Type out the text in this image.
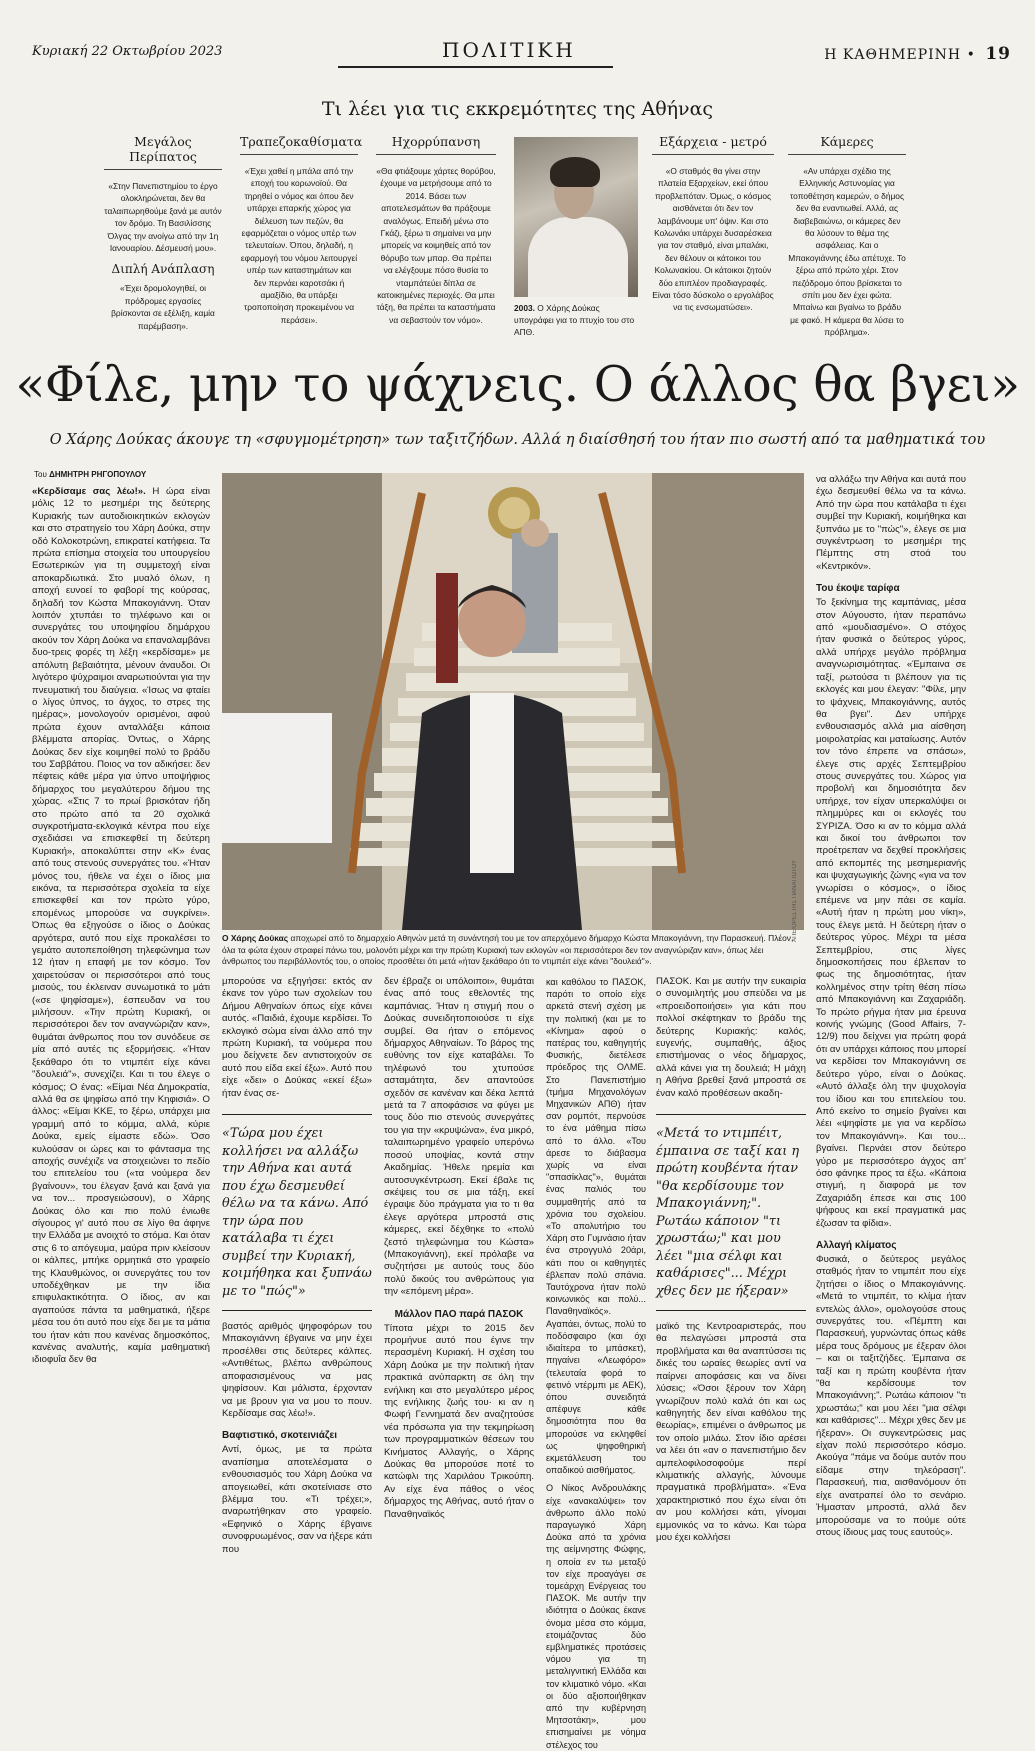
Κυριακή 22 Οκτωβρίου 2023	ΠΟΛΙΤΙΚΗ	Η ΚΑΘΗΜΕΡΙΝΗ • 19
Τι λέει για τις εκκρεμότητες της Αθήνας
Μεγάλος Περίπατος
«Στην Πανεπιστημίου το έργο ολοκληρώνεται, δεν θα ταλαιπωρηθούμε ξανά με αυτόν τον δρόμο. Τη Βασιλίσσης Όλγας την ανοίγω από την 1η Ιανουαρίου. Δέσμευσή μου».
Διπλή Ανάπλαση
«Έχει δρομολογηθεί, οι πρόδρομες εργασίες βρίσκονται σε εξέλιξη, καμία παρέμβαση».
Τραπεζοκαθίσματα
«Έχει χαθεί η μπάλα από την εποχή του κορωνοϊού. Θα τηρηθεί ο νόμος και όπου δεν υπάρχει επαρκής χώρος για διέλευση των πεζών, θα εφαρμόζεται ο νόμος υπέρ των τελευταίων. Όπου, δηλαδή, η εφαρμογή του νόμου λειτουργεί υπέρ των καταστημάτων και δεν περνάει καροτσάκι ή αμαξίδιο, θα υπάρξει τροποποίηση προκειμένου να περάσει».
Ηχορρύπανση
«Θα φτιάξουμε χάρτες θορύβου, έχουμε να μετρήσουμε από το 2014. Βάσει των αποτελεσμάτων θα πράξουμε αναλόγως. Επειδή μένω στο Γκάζι, ξέρω τι σημαίνει να μην μπορείς να κοιμηθείς από τον θόρυβο των μπαρ. Θα πρέπει να ελέγξουμε πόσο θυσία το νταμπάτεύει δίπλα σε κατοικημένες περιοχές. Θα μπει τάξη, θα πρέπει τα καταστήματα να σεβαστούν τον νόμο».
2003. Ο Χάρης Δούκας υπογράφει για το πτυχίο του στο ΑΠΘ.
Εξάρχεια - μετρό
«Ο σταθμός θα γίνει στην πλατεία Εξαρχείων, εκεί όπου προβλεπόταν. Όμως, ο κόσμος αισθάνεται ότι δεν τον λαμβάνουμε υπ' όψιν. Και στο Κολωνάκι υπάρχει δυσαρέσκεια για τον σταθμό, είναι μπαλάκι, δεν θέλουν οι κάτοικοι του Κολωνακίου. Οι κάτοικοι ζητούν δύο επιπλέον προδιαγραφές. Είναι τόσο δύσκολο ο εργολάβος να τις ενσωματώσει».
Κάμερες
«Αν υπάρχει σχέδιο της Ελληνικής Αστυνομίας για τοποθέτηση καμερών, ο δήμος δεν θα εναντιωθεί. Αλλά, ας διαβεβαιώνω, οι κάμερες δεν θα λύσουν το θέμα της ασφάλειας. Και ο Μπακογιάννης έδω απέτυχε. Το ξέρω από πρώτο χέρι. Στον πεζόδρομο όπου βρίσκεται το σπίτι μου δεν έχει φώτα. Μπαίνω και βγαίνω το βράδυ με φακό. Η κάμερα θα λύσει το πρόβλημα».
«Φίλε, μην το ψάχνεις. Ο άλλος θα βγει»
Ο Χάρης Δούκας άκουγε τη «σφυγμομέτρηση» των ταξιτζήδων. Αλλά η διαίσθησή του ήταν πιο σωστή από τα μαθηματικά του
Του ΔΗΜΗΤΡΗ ΡΗΓΟΠΟΥΛΟΥ
«Κερδίσαμε σας λέω!». Η ώρα είναι μόλις 12 το μεσημέρι της δεύτερης Κυριακής των αυτοδιοικητικών εκλογών και στο στρατηγείο του Χάρη Δούκα, στην οδό Κολοκοτρώνη, επικρατεί κατήφεια. Τα πρώτα επίσημα στοιχεία του υπουργείου Εσωτερικών για τη συμμετοχή είναι αποκαρδιωτικά. Στο μυαλό όλων, η αποχή ευνοεί το φαβορί της κούρσας, δηλαδή τον Κώστα Μπακογιάννη. Όταν λοιπόν χτυπάει το τηλέφωνο και οι συνεργάτες του υποψηφίου δημάρχου ακούν τον Χάρη Δούκα να επαναλαμβάνει δυο-τρεις φορές τη λέξη «κερδίσαμε» με απόλυτη βεβαιότητα, μένουν άναυδοι. Οι λιγότερο ψύχραιμοι αναρωτιούνται για την πνευματική του διαύγεια. «Ίσως να φταίει ο λίγος ύπνος, το άγχος, το στρες της ημέρας», μονολογούν ορισμένοι, αφού πρώτα έχουν ανταλλάξει κάποια βλέμματα απορίας. Όντως, ο Χάρης Δούκας δεν είχε κοιμηθεί πολύ το βράδυ του Σαββάτου. Ποιος να τον αδικήσει: δεν πέφτεις κάθε μέρα για ύπνο υποψήφιος δήμαρχος του μεγαλύτερου δήμου της χώρας. «Στις 7 το πρωί βρισκόταν ήδη στο πρώτο από τα 20 σχολικά συγκροτήματα-εκλογικά κέντρα που είχε σχεδιάσει να επισκεφθεί τη δεύτερη Κυριακή», αποκαλύπτει στην «Κ» ένας από τους στενούς συνεργάτες του. «Ήταν μόνος του, ήθελε να έχει ο ίδιος μια εικόνα, τα περισσότερα σχολεία τα είχε επισκεφθεί και τον πρώτο γύρο, επομένως μπορούσε να συγκρίνει». Όπως θα εξηγούσε ο ίδιος ο Δούκας αργότερα, αυτό που είχε προκαλέσει το γεμάτο αυτοπεποίθηση τηλεφώνημα των 12 ήταν η επαφή με τον κόσμο. Τον χαιρετούσαν οι περισσότεροι από τους μισούς, του έκλειναν συνωμοτικά το μάτι («σε ψηφίσαμε»), έσπευδαν να του μιλήσουν. «Την πρώτη Κυριακή, οι περισσότεροι δεν τον αναγνώριζαν καν», θυμάται άνθρωπος που τον συνόδευε σε μία από αυτές τις εξορμήσεις. «Ήταν ξεκάθαρο ότι το ντιμπέιτ είχε κάνει "δουλειά"», συνεχίζει. Και τι του έλεγε ο κόσμος; Ο ένας: «Είμαι Νέα Δημοκρατία, αλλά θα σε ψηφίσω από την Κηφισιά». Ο άλλος: «Είμαι ΚΚΕ, το ξέρω, υπάρχει μια γραμμή από το κόμμα, αλλά, κύριε Δούκα, εμείς είμαστε εδώ». Όσο κυλούσαν οι ώρες και το φάντασμα της αποχής συνέχιζε να στοιχειώνει το πεδίο του επιτελείου του («τα νούμερα δεν βγαίνουν», του έλεγαν ξανά και ξανά για να τον... προσγειώσουν), ο Χάρης Δούκας όλο και πιο πολύ ένιωθε σίγουρος γι' αυτό που σε λίγο θα άφηνε την Ελλάδα με ανοιχτό το στόμα. Και όταν στις 6 το απόγευμα, μαύρα πριν κλείσουν οι κάλπες, μπήκε ορμητικά στο γραφείο της Κλαυθμώνος, οι συνεργάτες του τον υποδέχθηκαν με την ίδια επιφυλακτικότητα. Ο ίδιος, αν και αγαπούσε πάντα τα μαθηματικά, ήξερε μέσα του ότι αυτό που είχε δει με τα μάτια του ήταν κάτι που κανένας δημοσκόπος, κανένας αναλυτής, καμία μαθηματική ιδιοφυΐα δεν θα
ΑΠΕ/ΟΡΕΣΤΗΣ ΠΑΝΑΓΙΩΤΟΥ
Ο Χάρης Δούκας αποχωρεί από το δημαρχείο Αθηνών μετά τη συνάντησή του με τον απερχόμενο δήμαρχο Κώστα Μπακογιάννη, την Παρασκευή. Πλέον, όλα τα φώτα έχουν στραφεί πάνω του, μολονότι μέχρι και την πρώτη Κυριακή των εκλογών «οι περισσότεροι δεν τον αναγνώριζαν καν», όπως λέει άνθρωπος του περιβάλλοντός του, ο οποίος προσθέτει ότι μετά «ήταν ξεκάθαρο ότι το ντιμπέιτ είχε κάνει "δουλειά"».
μπορούσε να εξηγήσει: εκτός αν έκανε τον γύρο των σχολείων του Δήμου Αθηναίων όπως είχε κάνει αυτός. «Παιδιά, έχουμε κερδίσει. Το εκλογικό σώμα είναι άλλο από την πρώτη Κυριακή, τα νούμερα που μου δείχνετε δεν αντιστοιχούν σε αυτό που είδα εκεί έξω». Αυτό που είχε «δει» ο Δούκας «εκεί έξω» ήταν ένας σε-
«Τώρα μου έχει κολλήσει να αλλάξω την Αθήνα και αυτά που έχω δεσμευθεί θέλω να τα κάνω. Από την ώρα που κατάλαβα τι έχει συμβεί την Κυριακή, κοιμήθηκα και ξυπνάω με το "πώς"»
βαστός αριθμός ψηφοφόρων του Μπακογιάννη έβγαινε να μην έχει προσέλθει στις δεύτερες κάλπες. «Αντιθέτως, βλέπω ανθρώπους αποφασισμένους να μας ψηφίσουν. Και μάλιστα, έρχονταν να με βρουν για να μου το πουν. Κερδίσαμε σας λέω!».
Βαφτιστικό, σκοτεινιάζει
Αντί, όμως, με τα πρώτα αναπίσημα αποτελέσματα ο ενθουσιασμός του Χάρη Δούκα να απογειωθεί, κάτι σκοτείνιασε στο βλέμμα του. «Τι τρέχει;», αναρωτήθηκαν στο γραφείο. «Εφηνικό ο Χάρης έβγαινε συνοφρυωμένος, σαν να ήξερε κάτι που
δεν έβραζε οι υπόλοιποι», θυμάται ένας από τους εθελοντές της καμπάνιας. Ήταν η στιγμή που ο Δούκας συνειδητοποιούσε τι είχε συμβεί. Θα ήταν ο επόμενος δήμαρχος Αθηναίων. Το βάρος της ευθύνης τον είχε καταβάλει. Το τηλέφωνό του χτυπούσε ασταμάτητα, δεν απαντούσε σχεδόν σε κανέναν και δέκα λεπτά μετά τα 7 αποφάσισε να φύγει με τους δύο πιο στενούς συνεργάτες του για την «κρυψώνα», ένα μικρό, ταλαιπωρημένο γραφείο υπερόνω ποσού υποψίας, κοντά στην Ακαδημίας. Ήθελε ηρεμία και αυτοσυγκέντρωση. Εκεί έβαλε τις σκέψεις του σε μια τάξη, εκεί έγραψε δύο πράγματα για το τι θα έλεγε αργότερα μπροστά στις κάμερες, εκεί δέχθηκε το «πολύ ζεστό τηλεφώνημα του Κώστα» (Μπακογιάννη), εκεί πρόλαβε να συζητήσει με αυτούς τους δύο πολύ δικούς του ανθρώπους για την «επόμενη μέρα».
Μάλλον ΠΑΟ παρά ΠΑΣΟΚ
Τίποτα μέχρι το 2015 δεν προμήνυε αυτό που έγινε την περασμένη Κυριακή. Η σχέση του Χάρη Δούκα με την πολιτική ήταν πρακτικά ανύπαρκτη σε όλη την ενήλικη και στο μεγαλύτερο μέρος της ενήλικης ζωής του· κι αν η Φωφή Γεννηματά δεν αναζητούσε νέα πρόσωπα για την τεκμηρίωση των προγραμματικών θέσεων του Κινήματος Αλλαγής, ο Χάρης Δούκας θα μπορούσε ποτέ το κατώφλι της Χαριλάου Τρικούπη. Αν είχε ένα πάθος ο νέος δήμαρχος της Αθήνας, αυτό ήταν ο Παναθηναϊκός
και καθόλου το ΠΑΣΟΚ, παρότι το οποίο είχε αρκετά στενή σχέση με την πολιτική (και με το «Κίνημα» αφού ο πατέρας του, καθηγητής Φυσικής, διετέλεσε πρόεδρος της ΟΛΜΕ. Στο Πανεπιστήμιο (τμήμα Μηχανολόγων Μηχανικών ΑΠΘ) ήταν σαν ρομπότ, περνούσε το ένα μάθημα πίσω από το άλλο. «Του άρεσε το διάβασμα χωρίς να είναι "σπασίκλας"», θυμάται ένας παλιός του συμμαθητής από τα χρόνια του σχολείου. «Το απολυτήριο του Χάρη στο Γυμνάσιο ήταν ένα στρογγυλό 20άρι, κάτι που οι καθηγητές έβλεπαν πολύ σπάνια. Ταυτόχρονα ήταν πολύ κοινωνικός και πολύ... Παναθηναϊκός». Αγαπάει, όντως, πολύ το ποδόσφαιρο (και όχι ιδιαίτερα το μπάσκετ), πηγαίνει «Λεωφόρο» (τελευταία φορά το φετινό ντέρμπι με ΑΕΚ), όπου συνειδητά απέφυγε κάθε δημοσιότητα που θα μπορούσε να εκληφθεί ως ψηφοθηρική εκμετάλλευση του οπαδικού αισθήματος.
Ο Νίκος Ανδρουλάκης είχε «ανακαλύψει» τον άνθρωπο άλλο πολύ παραγωγικό Χάρη Δούκα από τα χρόνια της αείμνηστης Φώφης, η οποία εν τω μεταξύ τον είχε προαγάγει σε τομεάρχη Ενέργειας του ΠΑΣΟΚ. Με αυτήν την ιδιότητα ο Δούκας έκανε όνομα μέσα στο κόμμα, ετοιμάζοντας δύο εμβληματικές προτάσεις νόμου για τη μεταλιγνιτική Ελλάδα και τον κλιματικό νόμο. «Και οι δύο αξιοποιήθηκαν από την κυβέρνηση Μητσοτάκη», μου επισημαίνει με νόημα στέλεχος του
ΠΑΣΟΚ. Και με αυτήν την ευκαιρία ο συνομιλητής μου σπεύδει να με «προειδοποιήσει» για κάτι που πολλοί σκέφτηκαν το βράδυ της δεύτερης Κυριακής: καλός, ευγενής, συμπαθής, άξιος επιστήμονας ο νέος δήμαρχος, αλλά κάνει για τη δουλειά; Η μάχη η Αθήνα βρεθεί ξανά μπροστά σε έναν καλό προθέσεων ακαδη-
«Μετά το ντιμπέιτ, έμπαινα σε ταξί και η πρώτη κουβέντα ήταν "θα κερδίσουμε τον Μπακογιάννη;". Ρωτάω κάποιον "τι χρωστάω;" και μου λέει "μια σέλφι και καθάρισες"... Μέχρι χθες δεν με ήξεραν»
μαϊκό της Κεντροαριστεράς, που θα πελαγώσει μπροστά στα προβλήματα και θα αναπτύσσει τις δικές του ωραίες θεωρίες αντί να παίρνει αποφάσεις και να δίνει λύσεις; «Όσοι ξέρουν τον Χάρη γνωρίζουν πολύ καλά ότι και ως καθηγητής δεν είναι καθόλου της θεωρίας», επιμένει ο άνθρωπος με τον οποίο μιλάω. Στον ίδιο αρέσει να λέει ότι «αν ο πανεπιστήμιο δεν αμπελοφιλοσοφούμε περί κλιματικής αλλαγής, λύνουμε πραγματικά προβλήματα». «Ένα χαρακτηριστικό που έχω είναι ότι αν μου κολλήσει κάτι, γίνομαι εμμονικός να το κάνω. Και τώρα μου έχει κολλήσει
να αλλάξω την Αθήνα και αυτά που έχω δεσμευθεί θέλω να τα κάνω. Από την ώρα που κατάλαβα τι έχει συμβεί την Κυριακή, κοιμήθηκα και ξυπνάω με το "πώς"», έλεγε σε μια συγκέντρωση το μεσημέρι της Πέμπτης στη στοά του «Κεντρικόν».
Του έκοψε ταρίφα
Το ξεκίνημα της καμπάνιας, μέσα στον Αύγουστο, ήταν περαπάνω από «μουδιασμένο». Ο στόχος ήταν φυσικά ο δεύτερος γύρος, αλλά υπήρχε μεγάλο πρόβλημα αναγνωρισιμότητας. «Έμπαινα σε ταξί, ρωτούσα τι βλέπουν για τις εκλογές και μου έλεγαν: "Φίλε, μην το ψάχνεις, Μπακογιάννης, αυτός θα βγει". Δεν υπήρχε ενθουσιασμός αλλά μια αίσθηση μοιρολατρίας και ματαίωσης. Αυτόν τον τόνο έπρεπε να σπάσω», έλεγε στις αρχές Σεπτεμβρίου στους συνεργάτες του. Χώρος για προβολή και δημοσιότητα δεν υπήρχε, τον είχαν υπερκαλύψει οι πλημμύρες και οι εκλογές του ΣΥΡΙΖΑ. Όσο κι αν το κόμμα αλλά και δικοί του άνθρωποι τον προέτρεπαν να δεχθεί προκλήσεις από εκπομπές της μεσημεριανής και ψυχαγωγικής ζώνης «για να τον γνωρίσει ο κόσμος», ο ίδιος επέμενε να μην πάει σε καμία. «Αυτή ήταν η πρώτη μου νίκη», τους έλεγε μετά. Η δεύτερη ήταν ο δεύτερος γύρος. Μέχρι τα μέσα Σεπτεμβρίου, στις λίγες δημοσκοπήσεις που έβλεπαν το φως της δημοσιότητας, ήταν κολλημένος στην τρίτη θέση πίσω από Μπακογιάννη και Ζαχαριάδη. Το πρώτο ρήγμα ήταν μια έρευνα κοινής γνώμης (Good Affairs, 7-12/9) που δείχνει για πρώτη φορά ότι αν υπάρχει κάποιος που μπορεί να κερδίσει τον Μπακογιάννη σε δεύτερο γύρο, είναι ο Δούκας. «Αυτό άλλαξε όλη την ψυχολογία του ίδιου και του επιτελείου του. Από εκείνο το σημείο βγαίνει και λέει «ψηφίστε με για να κερδίσω τον Μπακογιάννη». Και του... βγαίνει. Περνάει στον δεύτερο γύρο με περισσότερο άγχος απ' όσο φάνηκε προς τα έξω. «Κάποια στιγμή, η διαφορά με τον Ζαχαριάδη έπεσε και στις 100 ψήφους και εκεί πραγματικά μας έζωσαν τα φίδια».
Αλλαγή κλίματος
Φυσικά, ο δεύτερος μεγάλος σταθμός ήταν το ντιμπέιτ που είχε ζητήσει ο ίδιος ο Μπακογιάννης. «Μετά το ντιμπέιτ, το κλίμα ήταν εντελώς άλλο», ομολογούσε στους συνεργάτες του. «Πέμπτη και Παρασκευή, γυρνώντας όπως κάθε μέρα τους δρόμους με έξεραν όλοι – και οι ταξιτζήδες. Έμπαινα σε ταξί και η πρώτη κουβέντα ήταν "θα κερδίσουμε τον Μπακογιάννη;". Ρωτάω κάποιον "τι χρωστάω;" και μου λέει "μια σέλφι και καθάρισες"... Μέχρι χθες δεν με ήξεραν». Οι συγκεντρώσεις μας είχαν πολύ περισσότερο κόσμο. Ακούγα "πάμε να δούμε αυτόν που είδαμε στην τηλεόραση". Παρασκευή, πια, αισθανόμουν ότι είχε ανατραπεί όλο το σενάριο. Ήμασταν μπροστά, αλλά δεν μπορούσαμε να το πούμε ούτε στους ίδιους μας τους εαυτούς».
